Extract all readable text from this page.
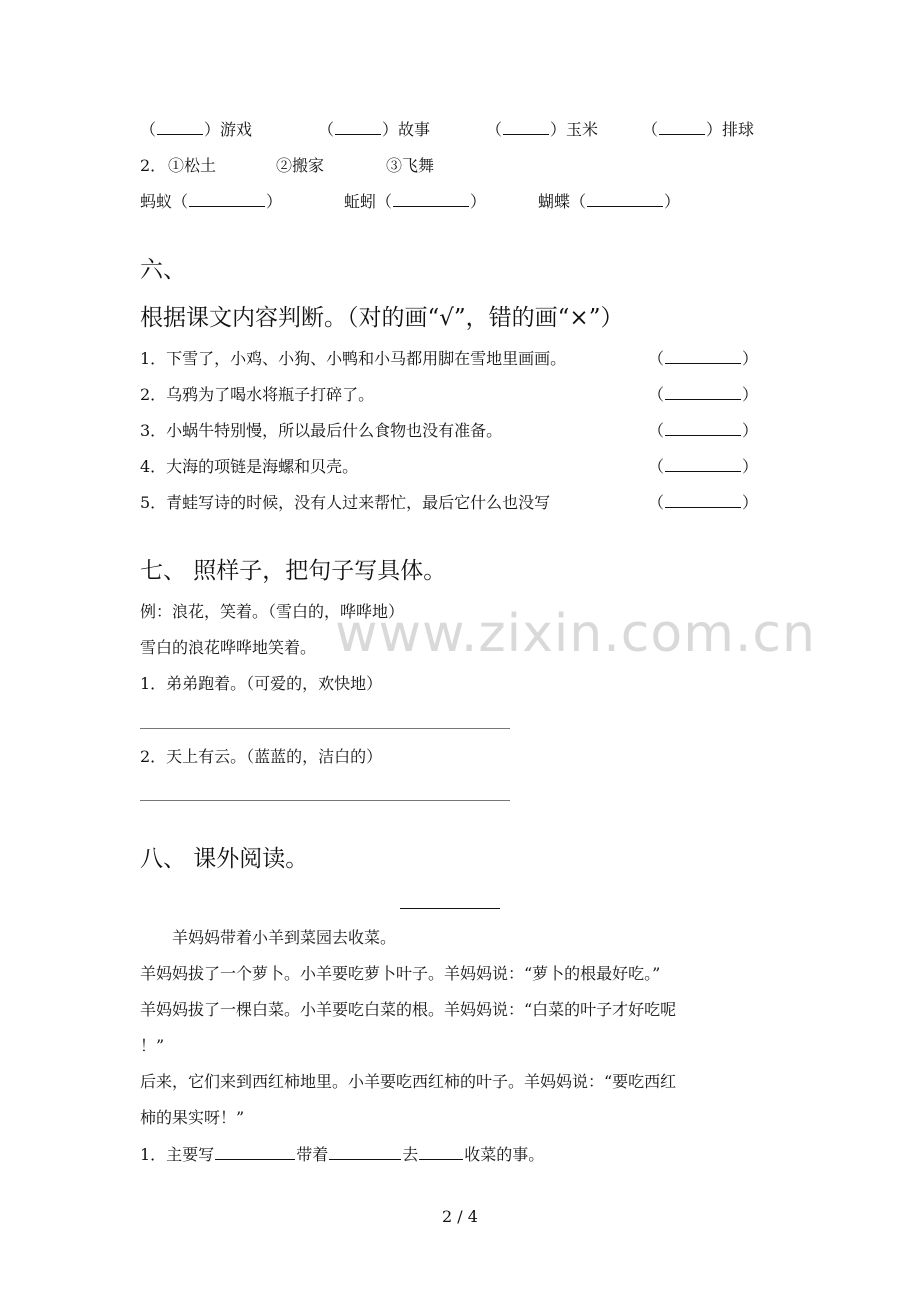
www.zixin.com.cn
（	）游戏	（	）故事	（	）玉米	（	）排球
2． ①松土	②搬家	③飞舞
蚂蚁（	）	蚯蚓（	）	蝴蝶（	）
六、
根据课文内容判断。（对的画“√”，错的画“×”）
1．下雪了，小鸡、小狗、小鸭和小马都用脚在雪地里画画。	（	）
2．乌鸦为了喝水将瓶子打碎了。	（	）
3．小蜗牛特别慢，所以最后什么食物也没有准备。	（	）
4．大海的项链是海螺和贝壳。	（	）
5．青蛙写诗的时候，没有人过来帮忙，最后它什么也没写	（	）
七、 照样子，把句子写具体。
例：浪花，笑着。（雪白的，哗哗地）
雪白的浪花哗哗地笑着。
1．弟弟跑着。（可爱的，欢快地）
2．天上有云。（蓝蓝的，洁白的）
八、 课外阅读。
羊妈妈带着小羊到菜园去收菜。
羊妈妈拔了一个萝卜。小羊要吃萝卜叶子。羊妈妈说：“萝卜的根最好吃。”
羊妈妈拔了一棵白菜。小羊要吃白菜的根。羊妈妈说：“白菜的叶子才好吃呢
！”
后来，它们来到西红柿地里。小羊要吃西红柿的叶子。羊妈妈说：“要吃西红
柿的果实呀！”
1．主要写	带着	去	收菜的事。
2 / 4
